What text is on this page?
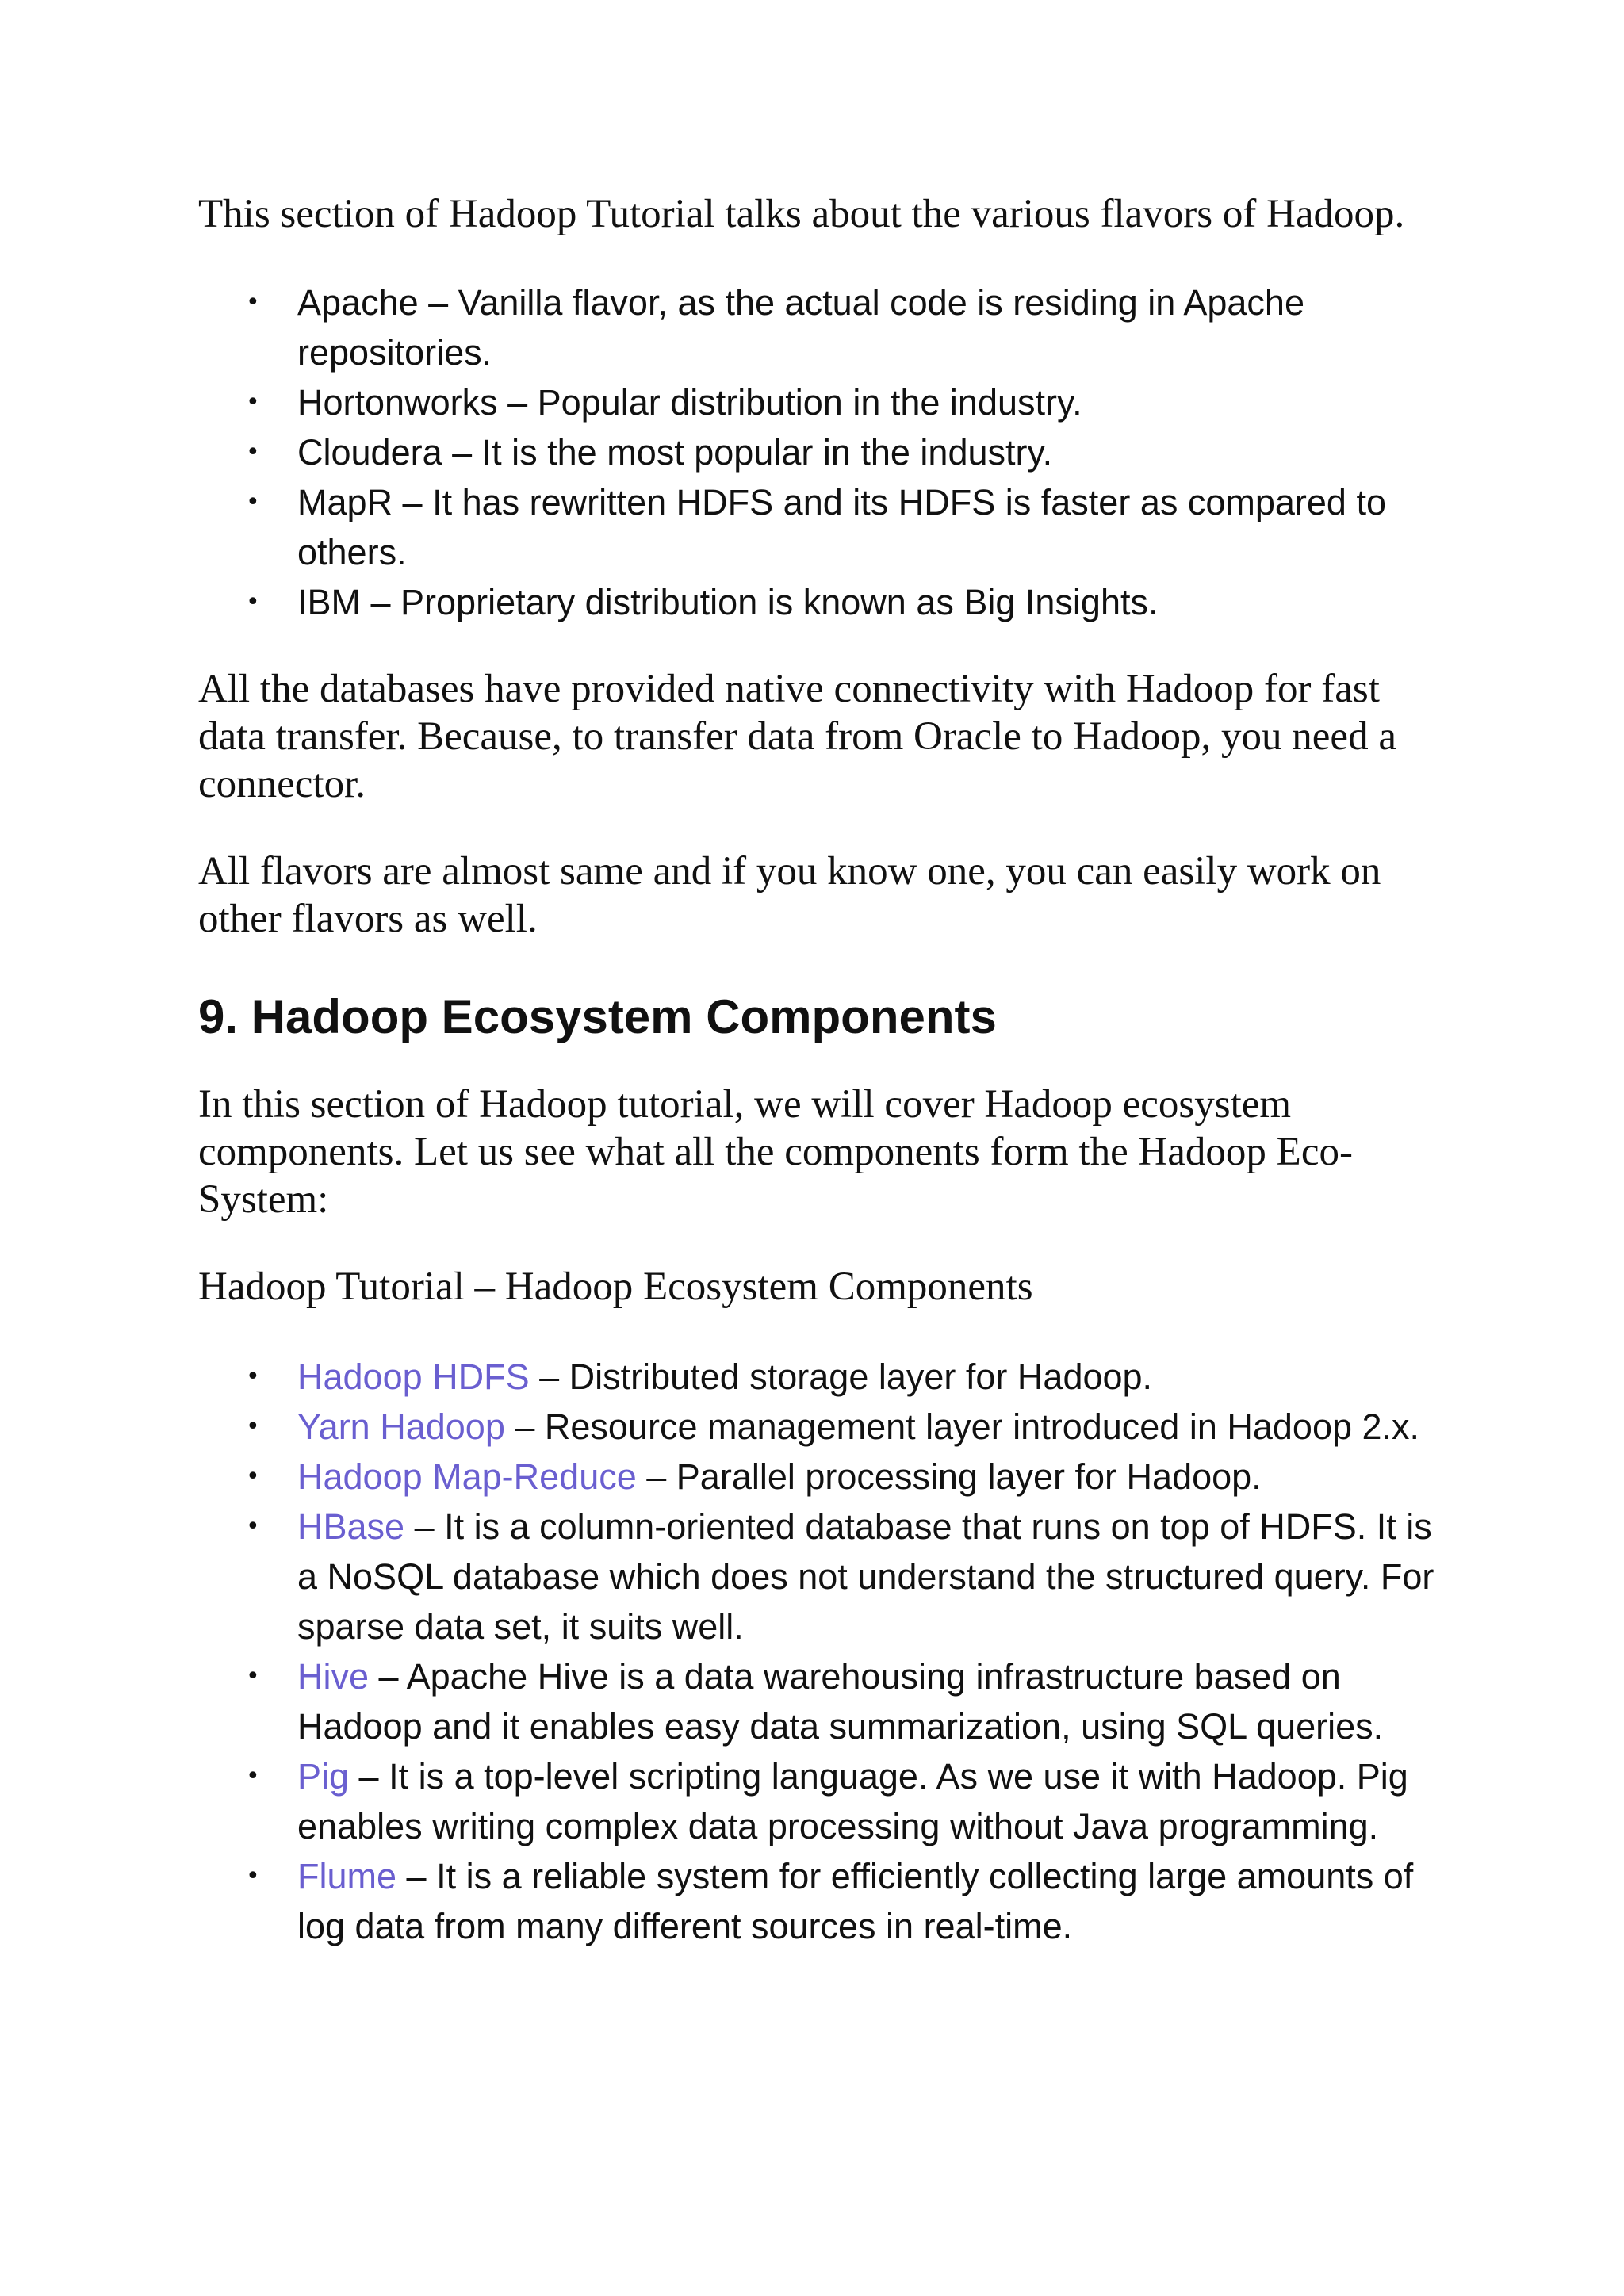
This section of Hadoop Tutorial talks about the various flavors of Hadoop.

• Apache – Vanilla flavor, as the actual code is residing in Apache repositories.
• Hortonworks – Popular distribution in the industry.
• Cloudera – It is the most popular in the industry.
• MapR – It has rewritten HDFS and its HDFS is faster as compared to others.
• IBM – Proprietary distribution is known as Big Insights.

All the databases have provided native connectivity with Hadoop for fast data transfer. Because, to transfer data from Oracle to Hadoop, you need a connector.

All flavors are almost same and if you know one, you can easily work on other flavors as well.

9. Hadoop Ecosystem Components

In this section of Hadoop tutorial, we will cover Hadoop ecosystem components. Let us see what all the components form the Hadoop Eco-System:

Hadoop Tutorial – Hadoop Ecosystem Components

• Hadoop HDFS – Distributed storage layer for Hadoop.
• Yarn Hadoop – Resource management layer introduced in Hadoop 2.x.
• Hadoop Map-Reduce – Parallel processing layer for Hadoop.
• HBase – It is a column-oriented database that runs on top of HDFS. It is a NoSQL database which does not understand the structured query. For sparse data set, it suits well.
• Hive – Apache Hive is a data warehousing infrastructure based on Hadoop and it enables easy data summarization, using SQL queries.
• Pig – It is a top-level scripting language. As we use it with Hadoop. Pig enables writing complex data processing without Java programming.
• Flume – It is a reliable system for efficiently collecting large amounts of log data from many different sources in real-time.
